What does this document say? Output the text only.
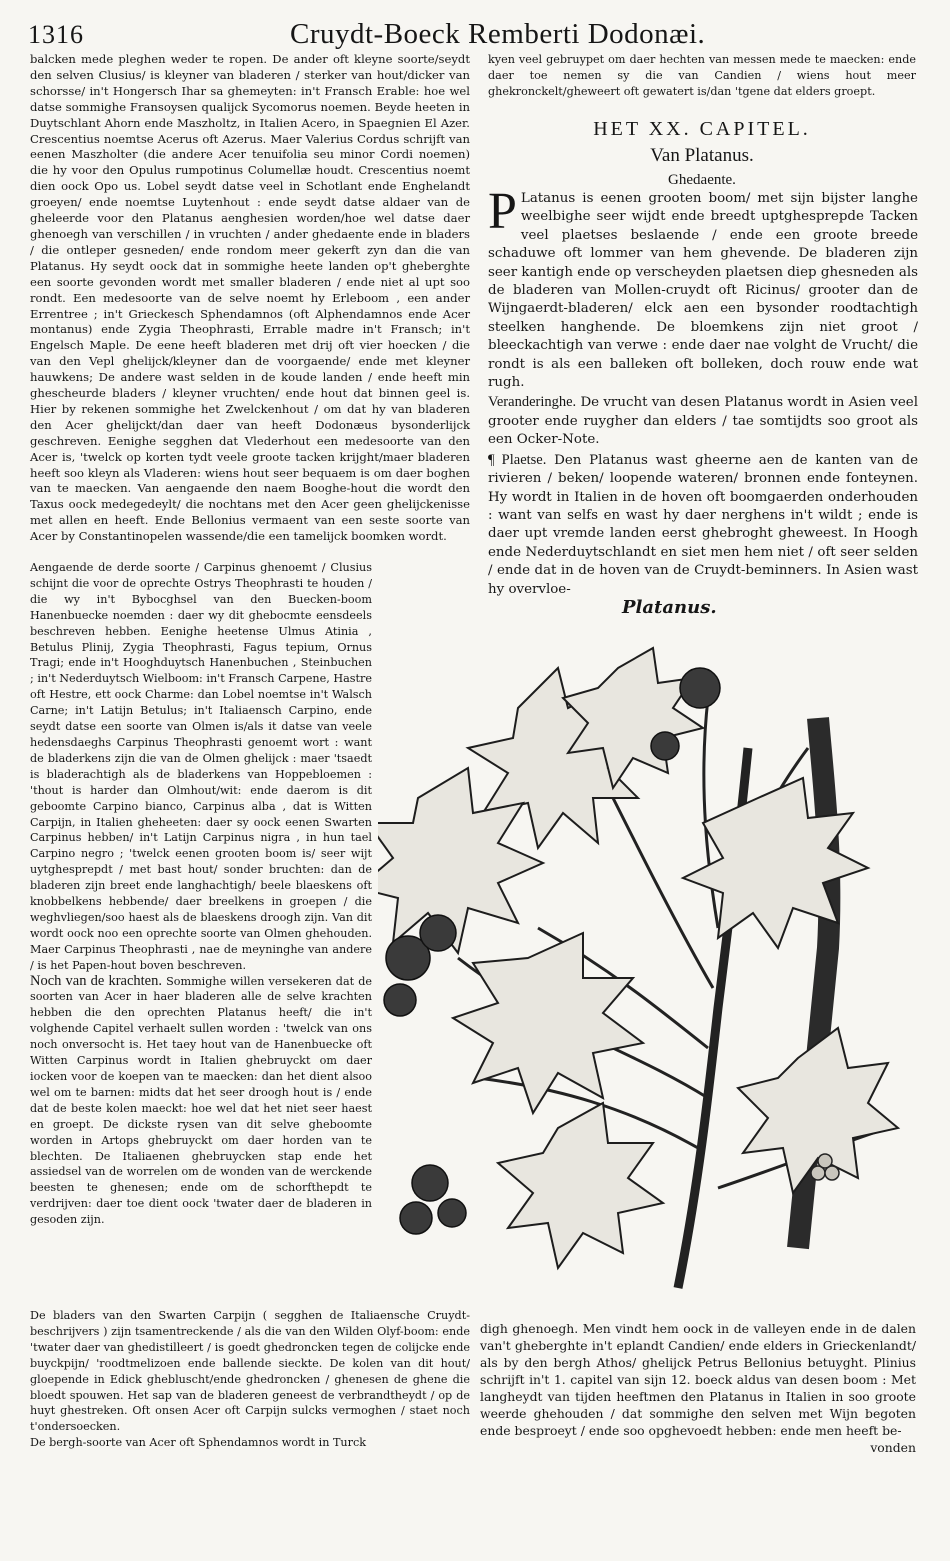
1316	Cruydt-Boeck Remberti Dodonæi.

balcken mede pleghen weder te ropen. De ander oft kleyne soorte/seydt den selven Clusius/ is kleyner van bladeren / sterker van hout/dicker van schorsse/ in't Hongersch Ihar sa ghemeyten: in't Fransch Erable: hoe wel datse sommighe Fransoysen qualijck Sycomorus noemen. Beyde heeten in Duytschlant Ahorn ende Maszholtz, in Italien Acero, in Spaegnien El Azer. Crescentius noemtse Acerus oft Azerus. Maer Valerius Cordus schrijft van eenen Maszholter (die andere Acer tenuifolia seu minor Cordi noemen) die hy voor den Opulus rumpotinus Columellæ houdt. Crescentius noemt dien oock Opo us. Lobel seydt datse veel in Schotlant ende Enghelandt groeyen/ ende noemtse Luytenhout : ende seydt datse aldaer van de gheleerde voor den Platanus aenghesien worden/hoe wel datse daer ghenoegh van verschillen / in vruchten / ander ghedaente ende in bladers / die ontleper gesneden/ ende rondom meer gekerft zyn dan die van Platanus. Hy seydt oock dat in sommighe heete landen op't gheberghte een soorte gevonden wordt met smaller bladeren / ende niet al upt soo rondt. Een medesoorte van de selve noemt hy Erleboom , een ander Errentree ; in't Grieckesch Sphendamnos (oft Alphendamnos ende Acer montanus) ende Zygia Theophrasti, Errable madre in't Fransch; in't Engelsch Maple. De eene heeft bladeren met drij oft vier hoecken / die van den Vepl ghelijck/kleyner dan de voorgaende/ ende met kleyner hauwkens; De andere wast selden in de koude landen / ende heeft min ghescheurde bladers / kleyner vruchten/ ende hout dat binnen geel is. Hier by rekenen sommighe het Zwelckenhout / om dat hy van bladeren den Acer ghelijckt/dan daer van heeft Dodonæus bysonderlijck geschreven. Eenighe segghen dat Vlederhout een medesoorte van den Acer is, 'twelck op korten tydt veele groote tacken krijght/maer bladeren heeft soo kleyn als Vladeren: wiens hout seer bequaem is om daer boghen van te maecken. Van aengaende den naem Booghe-hout die wordt den Taxus oock medegedeylt/ die nochtans met den Acer geen ghelijckenisse met allen en heeft. Ende Bellonius vermaent van een seste soorte van Acer by Constantinopelen wassende/die een tamelijck boomken wordt.

Aengaende de derde soorte / Carpinus ghenoemt / Clusius schijnt die voor de oprechte Ostrys Theophrasti te houden / die wy in't Bybocghsel van den Buecken-boom Hanenbuecke noemden : daer wy dit ghebocmte eensdeels beschreven hebben. Eenighe heetense Ulmus Atinia , Betulus Plinij, Zygia Theophrasti, Fagus tepium, Ornus Tragi; ende in't Hooghduytsch Hanenbuchen , Steinbuchen ; in't Nederduytsch Wielboom: in't Fransch Carpene, Hastre oft Hestre, ett oock Charme: dan Lobel noemtse in't Walsch Carne; in't Latijn Betulus; in't Italiaensch Carpino, ende seydt datse een soorte van Olmen is/als it datse van veele hedensdaeghs Carpinus Theophrasti genoemt wort : want de bladerkens zijn die van de Olmen ghelijck : maer 'tsaedt is bladerachtigh als de bladerkens van Hoppebloemen : 'thout is harder dan Olmhout/wit: ende daerom is dit geboomte Carpino bianco, Carpinus alba , dat is Witten Carpijn, in Italien gheheeten: daer sy oock eenen Swarten Carpinus hebben/ in't Latijn Carpinus nigra , in hun tael Carpino negro ; 'twelck eenen grooten boom is/ seer wijt uytghesprepdt / met bast hout/ sonder bruchten: dan de bladeren zijn breet ende langhachtigh/ beele blaeskens oft knobbelkens hebbende/ daer breelkens in groepen / die weghvliegen/soo haest als de blaeskens droogh zijn. Van dit wordt oock noo een oprechte soorte van Olmen ghehouden. Maer Carpinus Theophrasti , nae de meyninghe van andere / is het Papen-hout boven beschreven.

Noch van de krachten. Sommighe willen versekeren dat de soorten van Acer in haer bladeren alle de selve krachten hebben die den oprechten Platanus heeft/ die in't volghende Capitel verhaelt sullen worden : 'twelck van ons noch onversocht is. Het taey hout van de Hanenbuecke oft Witten Carpinus wordt in Italien ghebruyckt om daer iocken voor de koepen van te maecken: dan het dient alsoo wel om te barnen: midts dat het seer droogh hout is / ende dat de beste kolen maeckt: hoe wel dat het niet seer haest en groept. De dickste rysen van dit selve gheboomte worden in Artops ghebruyckt om daer horden van te blechten. De Italiaenen ghebruycken stap ende het assiedsel van de worrelen om de wonden van de werckende beesten te ghenesen; ende om de schorfthepdt te verdrijven: daer toe dient oock 'twater daer de bladeren in gesoden zijn.

De bladers van den Swarten Carpijn ( segghen de Italiaensche Cruydt-beschrijvers ) zijn tsamentreckende / als die van den Wilden Olyf-boom: ende 'twater daer van ghedistilleert / is goedt ghedroncken tegen de colijcke ende buyckpijn/ 'roodtmelizoen ende ballende sieckte. De kolen van dit hout/ gloepende in Edick ghebluscht/ende ghedroncken / ghenesen de ghene die bloedt spouwen. Het sap van de bladeren geneest de verbrandtheydt / op de huyt ghestreken. Oft onsen Acer oft Carpijn sulcks vermoghen / staet noch t'ondersoecken.

De bergh-soorte van Acer oft Sphendamnos wordt in Turck

kyen veel gebruypet om daer hechten van messen mede te maecken: ende daer toe nemen sy die van Candien / wiens hout meer ghekronckelt/gheweert oft gewatert is/dan 'tgene dat elders groept.

HET XX. CAPITEL.
Van Platanus.
Ghedaente.

P Latanus is eenen grooten boom/ met sijn bijster langhe weelbighe seer wijdt ende breedt uptghesprepde Tacken veel plaetses beslaende / ende een groote breede schaduwe oft lommer van hem ghevende. De bladeren zijn seer kantigh ende op verscheyden plaetsen diep ghesneden als de bladeren van Mollen-cruydt oft Ricinus/ grooter dan de Wijngaerdt-bladeren/ elck aen een bysonder roodtachtigh steelken hanghende. De bloemkens zijn niet groot / bleeckachtigh van verwe : ende daer nae volght de Vrucht/ die rondt is als een balleken oft bolleken, doch rouw ende wat rugh.

Veranderinghe. De vrucht van desen Platanus wordt in Asien veel grooter ende ruygher dan elders / tae somtijdts soo groot als een Ocker-Note.

¶ Plaetse. Den Platanus wast gheerne aen de kanten van de rivieren / beken/ loopende wateren/ bronnen ende fonteynen. Hy wordt in Italien in de hoven oft boomgaerden onderhouden : want van selfs en wast hy daer nerghens in't wildt ; ende is daer upt vremde landen eerst ghebroght gheweest. In Hoogh ende Nederduytschlandt en siet men hem niet / oft seer selden / ende dat in de hoven van de Cruydt-beminners. In Asien wast hy overvloe-

Platanus.

digh ghenoegh. Men vindt hem oock in de valleyen ende in de dalen van't gheberghte in't eplandt Candien/ ende elders in Grieckenlandt/ als by den bergh Athos/ ghelijck Petrus Bellonius betuyght. Plinius schrijft in't 1. capitel van sijn 12. boeck aldus van desen boom : Met langheydt van tijden heeftmen den Platanus in Italien in soo groote weerde ghehouden / dat sommighe den selven met Wijn begoten ende besproeyt / ende soo opghevoedt hebben: ende men heeft be-

vonden
